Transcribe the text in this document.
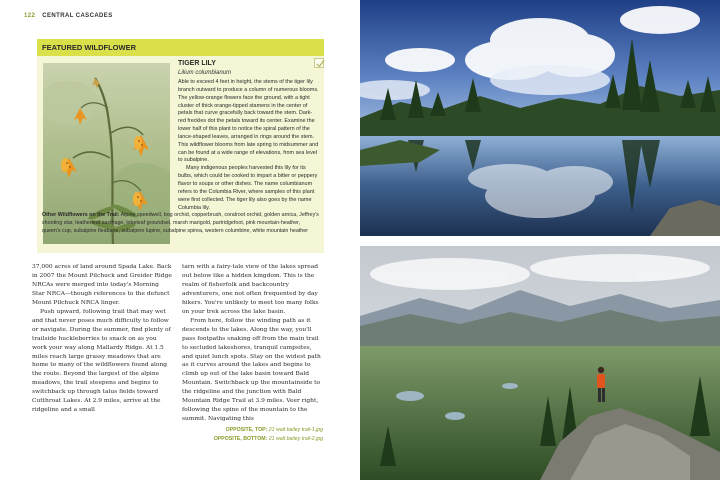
122 CENTRAL CASCADES
FEATURED WILDFLOWER
TIGER LILY
Lilium columbianum

Able to exceed 4 feet in height, the stems of the tiger lily branch outward to produce a column of numerous blooms. The yellow-orange flowers face the ground, with a tight cluster of thick orange-tipped stamens in the center of petals that curve gracefully back toward the stem. Dark-red freckles dot the petals toward its center. Examine the lower half of this plant to notice the spiral pattern of the lance-shaped leaves, arranged in rings around the stem. This wildflower blooms from late spring to midsummer and can be found at a wide range of elevations, from sea level to subalpine.

Many indigenous peoples harvested this lily for its bulbs, which could be cooked to impart a bitter or peppery flavor to soups or other dishes. The name columbianum refers to the Columbia River, where samples of this plant were first collected. The tiger lily also goes by the name Columbia lily.

Other Wildflowers on the Trail: Alpine speedwell, bog orchid, copperbrush, coralroot orchid, golden arnica, Jeffrey's shooting star, leatherleaf saxifrage, lobeleaf groundsel, marsh marigold, partridgefoot, pink mountain-heather, queen's cup, subalpine fleabane, subalpine lupine, subalpine spirea, western columbine, white mountain heather

37,000 acres of land around Spada Lake. Back in 2007 the Mount Pilchuck and Greider Ridge NRCAs were merged into today's Morning Star NRCA—though references to the defunct Mount Pilchuck NRCA linger.

Push upward, following trail that may wet and that never poses much difficulty to follow or navigate. During the summer, find plenty of trailside huckleberries to snack on as you work your way along Mallardy Ridge. At 1.5 miles reach large grassy meadows that are home to many of the wildflowers found along the route. Beyond the largest of the alpine meadows, the trail steepens and begins to switchback up through talus fields toward Cutthroat Lakes. At 2.9 miles, arrive at the ridgeline and a small

tarn with a fairy-tale view of the lakes spread out below like a hidden kingdom. This is the realm of fisherfolk and backcountry adventurers, one not often frequented by day hikers. You're unlikely to meet too many folks on your trek across the lake basin.

From here, follow the winding path as it descends to the lakes. Along the way, you'll pass footpaths snaking off from the main trail to secluded lakeshores, tranquil campsites, and quiet lunch spots. Stay on the widest path as it curves around the lakes and begins to climb up out of the lake basin toward Bald Mountain. Switchback up the mountainside to the ridgeline and the junction with Bald Mountain Ridge Trail at 3.9 miles. Veer right, following the spine of the mountain to the summit. Navigating this

OPPOSITE, TOP: 21 walt bailey trail-1.jpg
OPPOSITE, BOTTOM: 21 walt bailey trail-2.jpg
